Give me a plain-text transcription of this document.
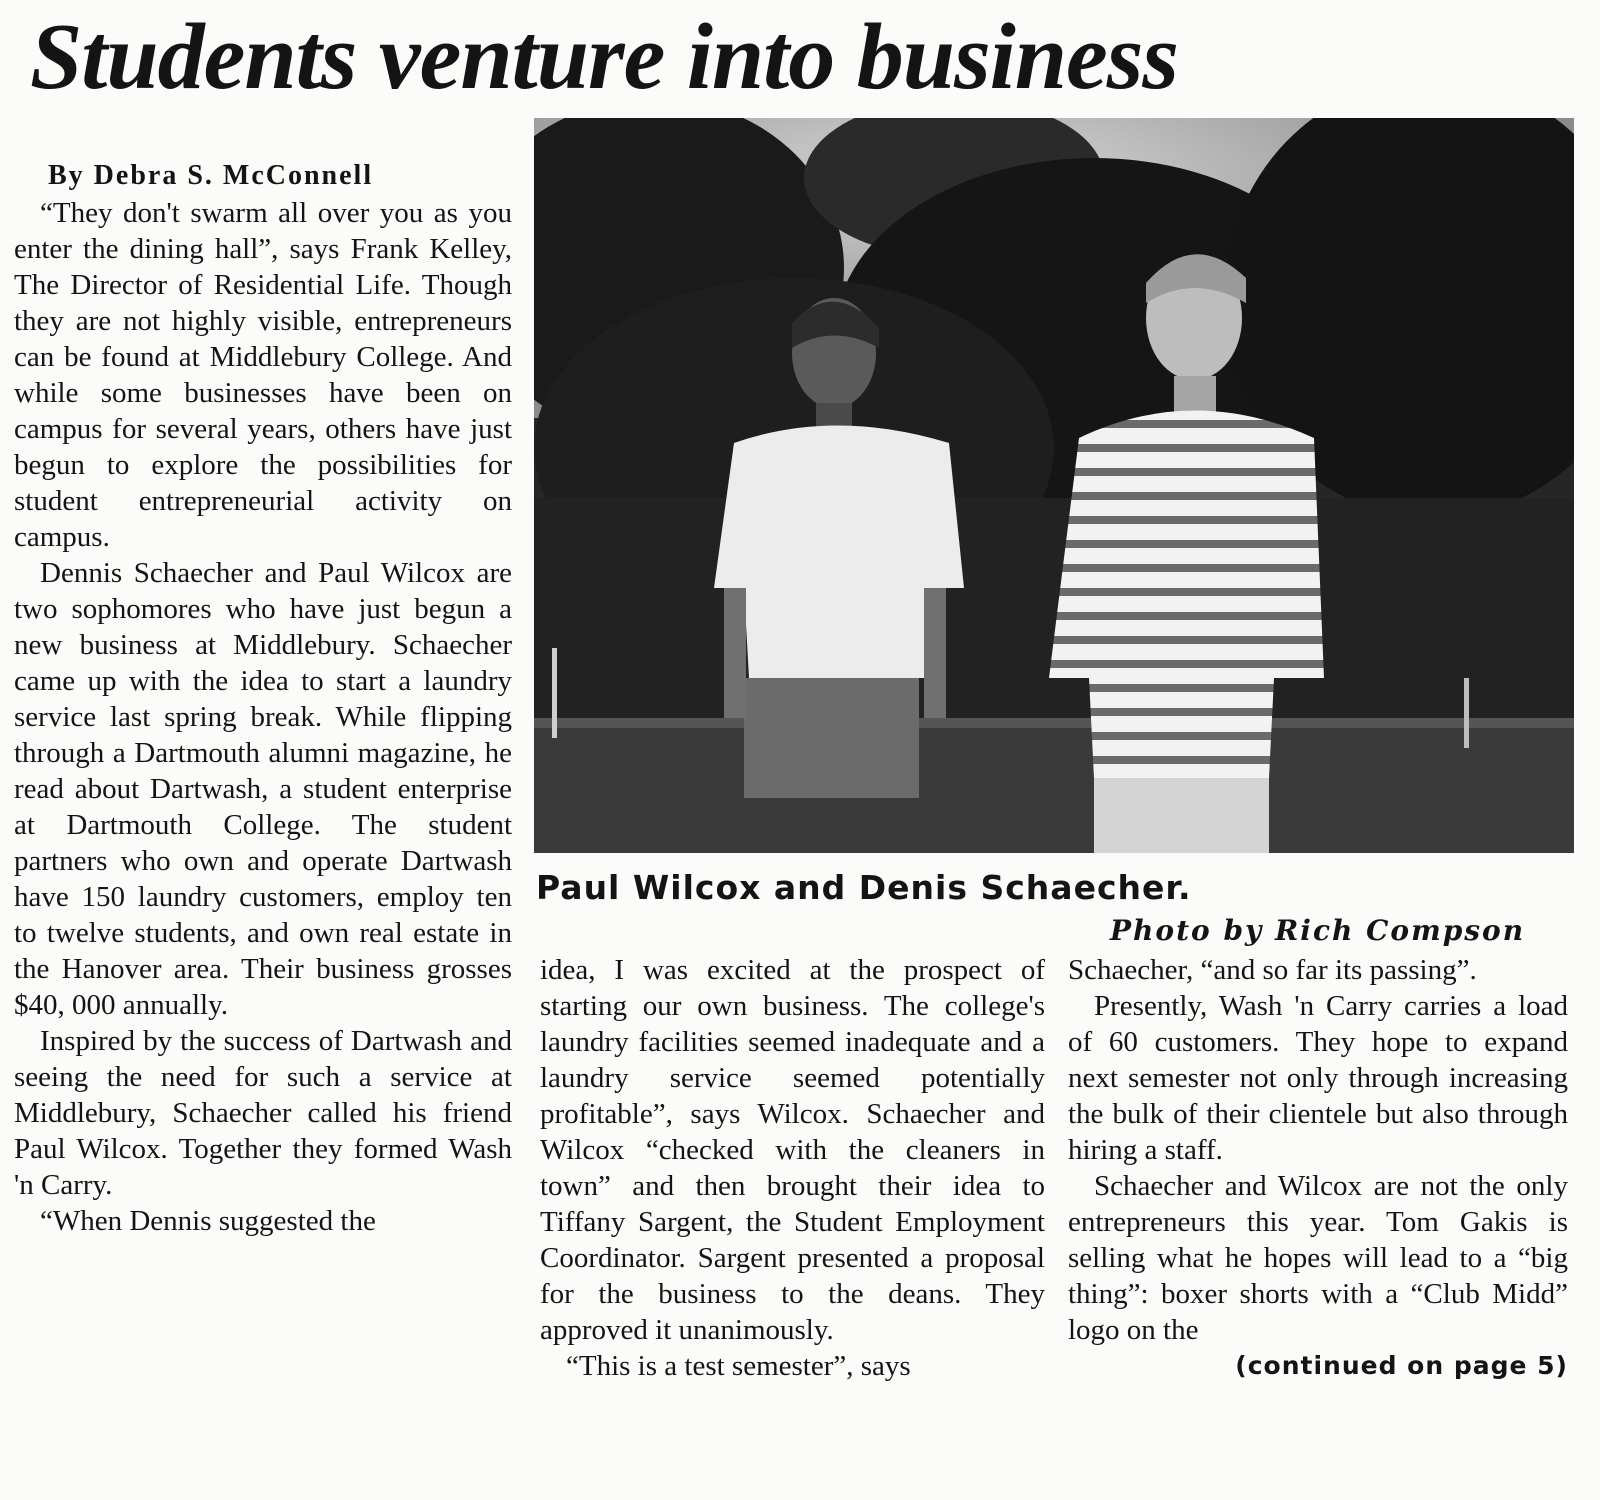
Students venture into business

By Debra S. McConnell

“They don't swarm all over you as you enter the dining hall”, says Frank Kelley, The Director of Residential Life. Though they are not highly visible, entrepreneurs can be found at Middlebury College. And while some businesses have been on campus for several years, others have just begun to explore the possibilities for student entrepreneurial activity on campus.

Dennis Schaecher and Paul Wilcox are two sophomores who have just begun a new business at Middlebury. Schaecher came up with the idea to start a laundry service last spring break. While flipping through a Dartmouth alumni magazine, he read about Dartwash, a student enterprise at Dartmouth College. The student partners who own and operate Dartwash have 150 laundry customers, employ ten to twelve students, and own real estate in the Hanover area. Their business grosses $40, 000 annually.

Inspired by the success of Dartwash and seeing the need for such a service at Middlebury, Schaecher called his friend Paul Wilcox. Together they formed Wash 'n Carry.

“When Dennis suggested the

Paul Wilcox and Denis Schaecher.
Photo by Rich Compson

idea, I was excited at the prospect of starting our own business. The college's laundry facilities seemed inadequate and a laundry service seemed potentially profitable”, says Wilcox. Schaecher and Wilcox “checked with the cleaners in town” and then brought their idea to Tiffany Sargent, the Student Employment Coordinator. Sargent presented a proposal for the business to the deans. They approved it unanimously.

“This is a test semester”, says

Schaecher, “and so far its passing”.

Presently, Wash 'n Carry carries a load of 60 customers. They hope to expand next semester not only through increasing the bulk of their clientele but also through hiring a staff.

Schaecher and Wilcox are not the only entrepreneurs this year. Tom Gakis is selling what he hopes will lead to a “big thing”: boxer shorts with a “Club Midd” logo on the

(continued on page 5)
